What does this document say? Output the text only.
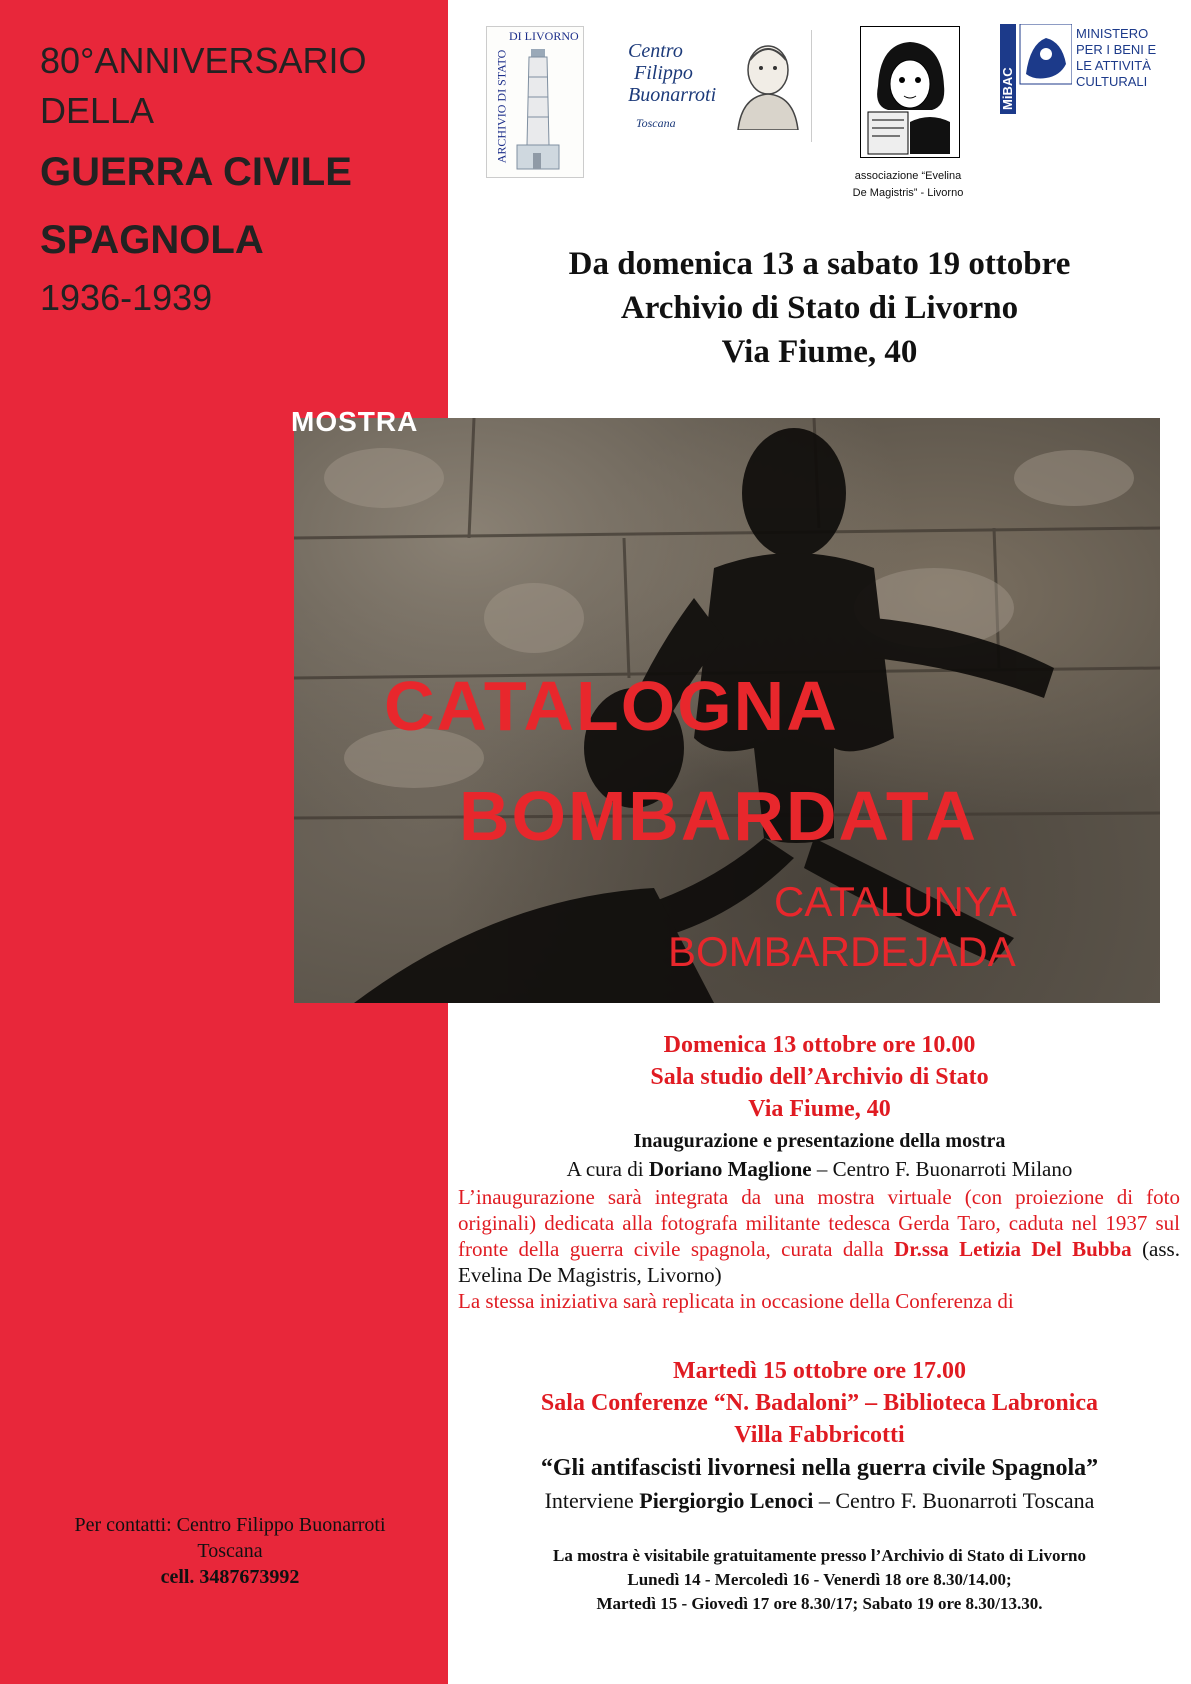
80°ANNIVERSARIO
DELLA
GUERRA CIVILE
SPAGNOLA
1936-1939
Per contatti: Centro Filippo Buonarroti
Toscana
cell. 3487673992
DI LIVORNO
ARCHIVIO DI STATO	Centro
Filippo
Buonarroti
Toscana
associazione “Evelina
De Magistris” - Livorno
MiBAC
MINISTERO
PER I BENI E
LE ATTIVITÀ
CULTURALI
Da domenica 13 a sabato 19 ottobre
Archivio di Stato di Livorno
Via Fiume, 40
CATALOGNA
BOMBARDATA
CATALUNYA
BOMBARDEJADA
MOSTRA
Domenica 13 ottobre ore 10.00
Sala studio dell’Archivio di Stato
Via Fiume, 40
Inaugurazione e presentazione della mostra
A cura di Doriano Maglione – Centro F. Buonarroti Milano
L’inaugurazione sarà integrata da una mostra virtuale (con proiezione di foto originali) dedicata alla fotografa militante tedesca Gerda Taro, caduta nel 1937 sul fronte della guerra civile spagnola, curata dalla Dr.ssa Letizia Del Bubba (ass. Evelina De Magistris, Livorno)
La stessa iniziativa sarà replicata in occasione della Conferenza di
Martedì 15 ottobre ore 17.00
Sala Conferenze “N. Badaloni” – Biblioteca Labronica
Villa Fabbricotti
“Gli antifascisti livornesi nella guerra civile Spagnola”
Interviene Piergiorgio Lenoci – Centro F. Buonarroti Toscana
La mostra è visitabile gratuitamente presso l’Archivio di Stato di Livorno
Lunedì 14 - Mercoledì 16 - Venerdì 18 ore 8.30/14.00;
Martedì 15 - Giovedì 17 ore 8.30/17; Sabato 19 ore 8.30/13.30.
